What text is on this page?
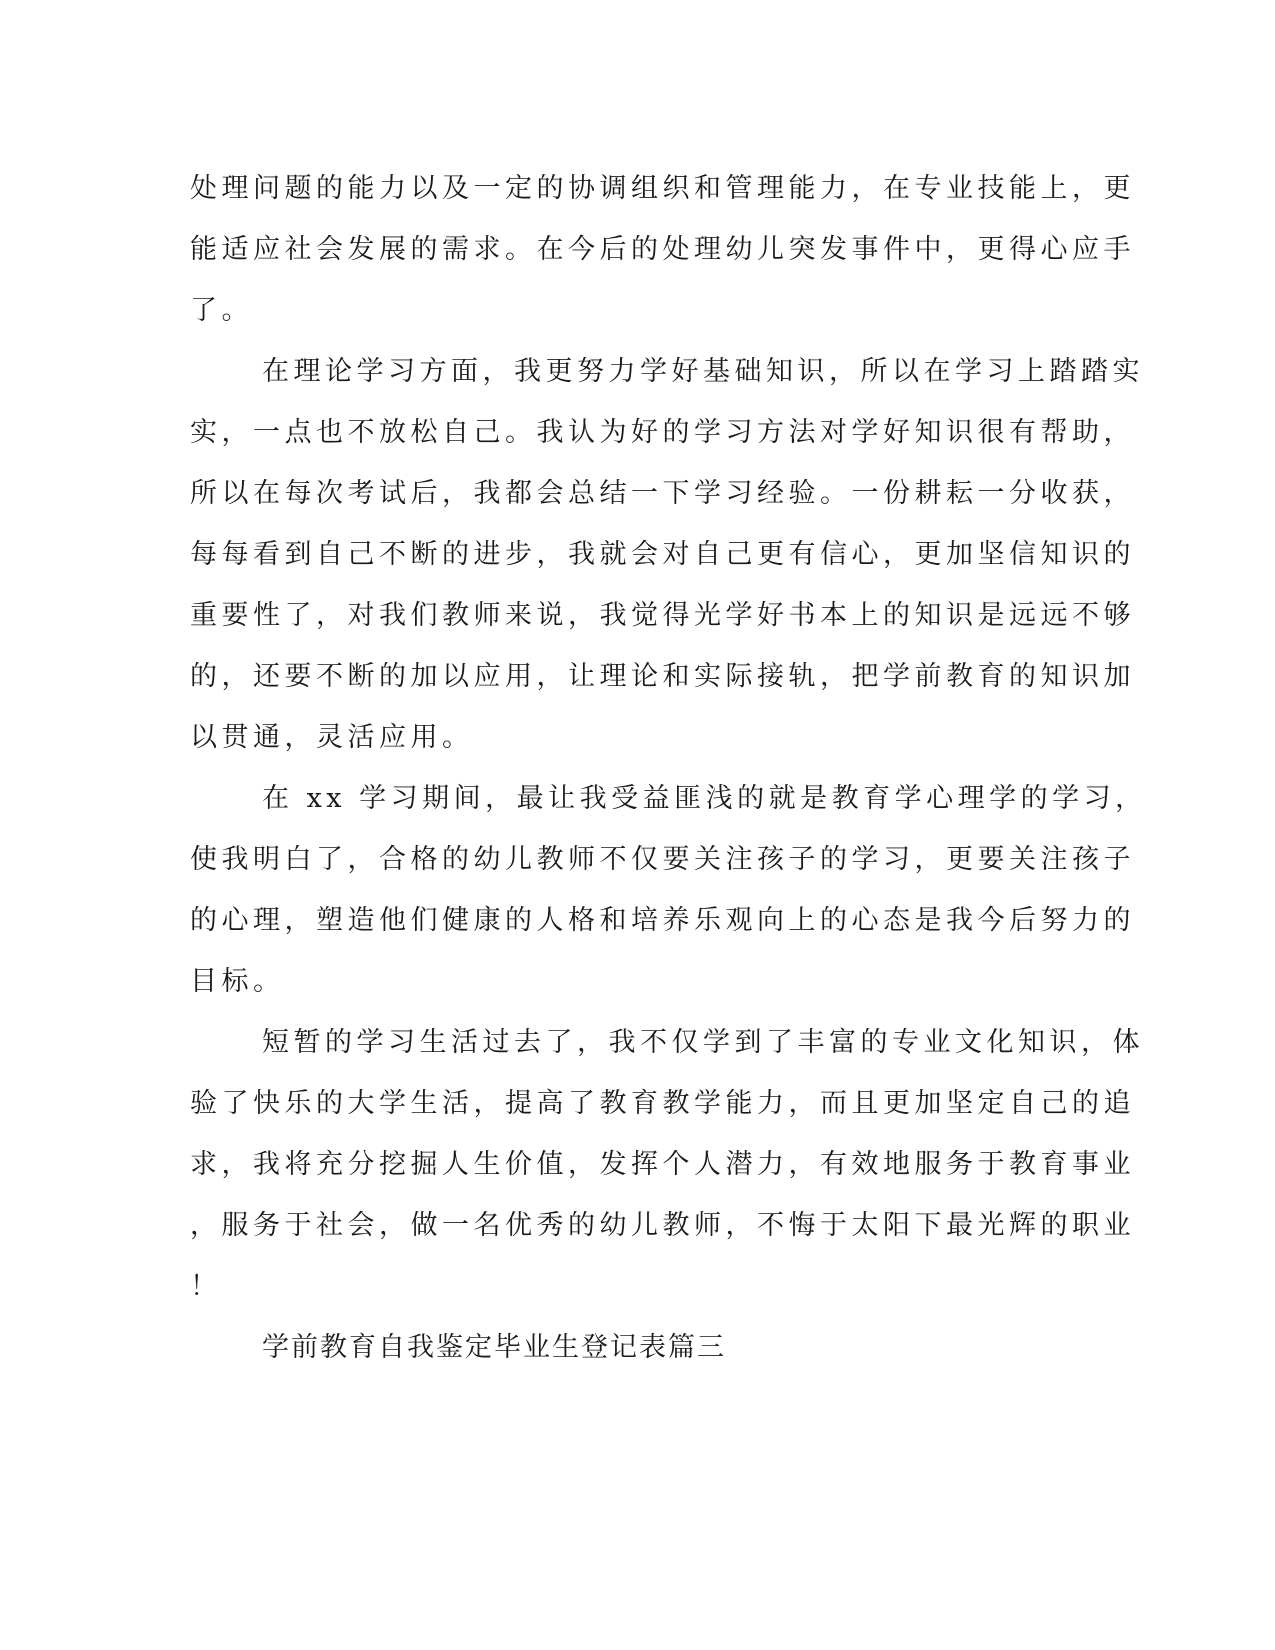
处理问题的能力以及一定的协调组织和管理能力，在专业技能上，更
能适应社会发展的需求。在今后的处理幼儿突发事件中，更得心应手
了。
在理论学习方面，我更努力学好基础知识，所以在学习上踏踏实
实，一点也不放松自己。我认为好的学习方法对学好知识很有帮助，
所以在每次考试后，我都会总结一下学习经验。一份耕耘一分收获，
每每看到自己不断的进步，我就会对自己更有信心，更加坚信知识的
重要性了，对我们教师来说，我觉得光学好书本上的知识是远远不够
的，还要不断的加以应用，让理论和实际接轨，把学前教育的知识加
以贯通，灵活应用。
在 xx 学习期间，最让我受益匪浅的就是教育学心理学的学习，
使我明白了，合格的幼儿教师不仅要关注孩子的学习，更要关注孩子
的心理，塑造他们健康的人格和培养乐观向上的心态是我今后努力的
目标。
短暂的学习生活过去了，我不仅学到了丰富的专业文化知识，体
验了快乐的大学生活，提高了教育教学能力，而且更加坚定自己的追
求，我将充分挖掘人生价值，发挥个人潜力，有效地服务于教育事业
，服务于社会，做一名优秀的幼儿教师，不悔于太阳下最光辉的职业
！
学前教育自我鉴定毕业生登记表篇三
